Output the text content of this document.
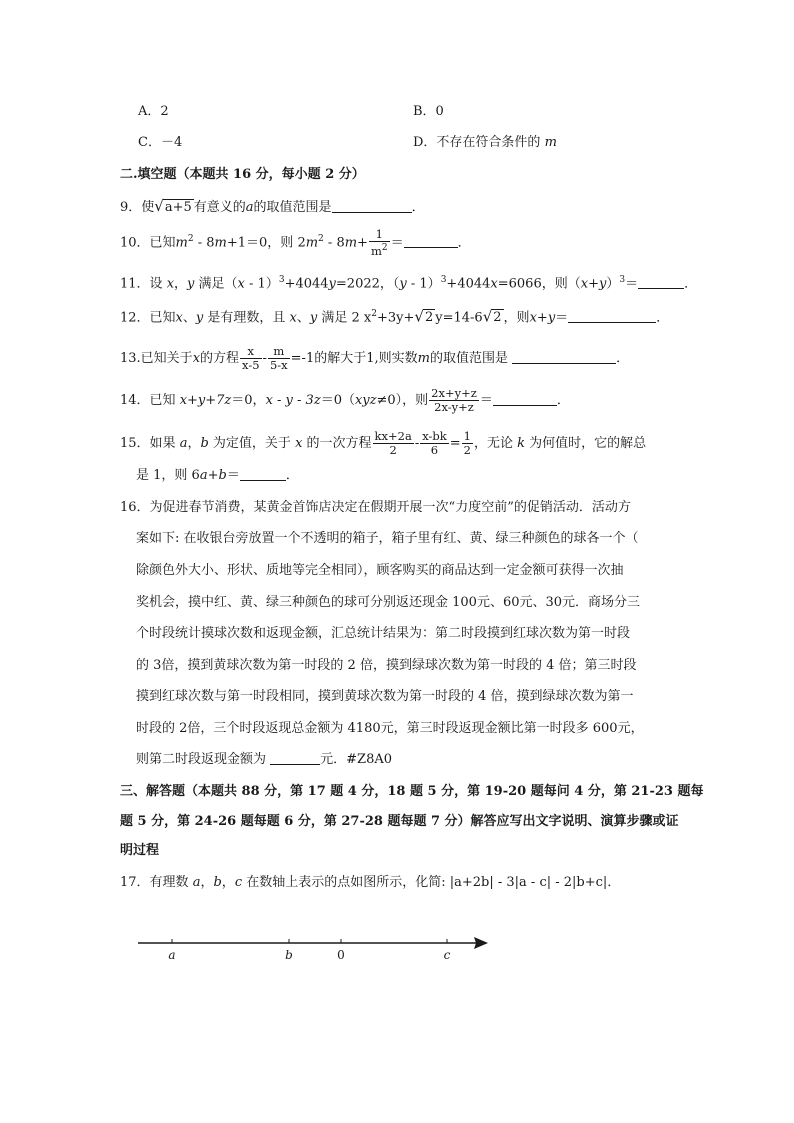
A．2	B．0
C．－4	D．不存在符合条件的 m
二.填空题（本题共 16 分，每小题 2 分）
9．使√a+5 有意义的a的取值范围是	．
10．已知$m^2 - 8m+1=0$，则 $2m^2 - 8m+ \frac{1}{m^2}$ ＝	．
11．设 x，y 满足（x - 1）$^3$+4044y=2022，（y - 1）$^3$+4044x=6066，则$(x+y)^3=$	．
12．已知x、y 是有理数，且 x、y 满足 2 $x^2+3y+√2$ y=14-6√2 ，则x+y＝	．
13.已知关于x的方程 $\frac{x}{x-5} - \frac{m}{5-x} =-1$的解大于1,则实数m的取值范围是	．
14．已知 x+y+7z＝0，x - y - 3z＝0（xyz≠0），则 $\frac{2x+y+z}{2x-y+z}$ ＝	．
15．如果 a，b 为定值，关于 x 的一次方程 $\frac{kx+2a}{2} - \frac{x-bk}{6} = \frac{1}{2}$ ，无论 k 为何值时，它的解总
是 1，则 6a+b＝	．
16．为促进春节消费，某黄金首饰店决定在假期开展一次“力度空前”的促销活动．活动方
案如下: 在收银台旁放置一个不透明的箱子，箱子里有红、黄、绿三种颜色的球各一个（
除颜色外大小、形状、质地等完全相同），顾客购买的商品达到一定金额可获得一次抽
奖机会，摸中红、黄、绿三种颜色的球可分别返还现金 100元、60元、30元．商场分三
个时段统计摸球次数和返现金额，汇总统计结果为：第二时段摸到红球次数为第一时段
的 3倍，摸到黄球次数为第一时段的 2 倍，摸到绿球次数为第一时段的 4 倍；第三时段
摸到红球次数与第一时段相同，摸到黄球次数为第一时段的 4 倍，摸到绿球次数为第一
时段的 2倍，三个时段返现总金额为 4180元，第三时段返现金额比第一时段多 600元，
则第二时段返现金额为	元．#Z8A0
三、解答题（本题共 88 分，第 17 题 4 分，18 题 5 分，第 19-20 题每问 4 分，第 21-23 题每
题 5 分，第 24-26 题每题 6 分，第 27-28 题每题 7 分）解答应写出文字说明、演算步骤或证
明过程
17．有理数 a，b，c 在数轴上表示的点如图所示，化简: |a+2b| - 3|a - c| - 2|b+c|．
a	b	0	c
